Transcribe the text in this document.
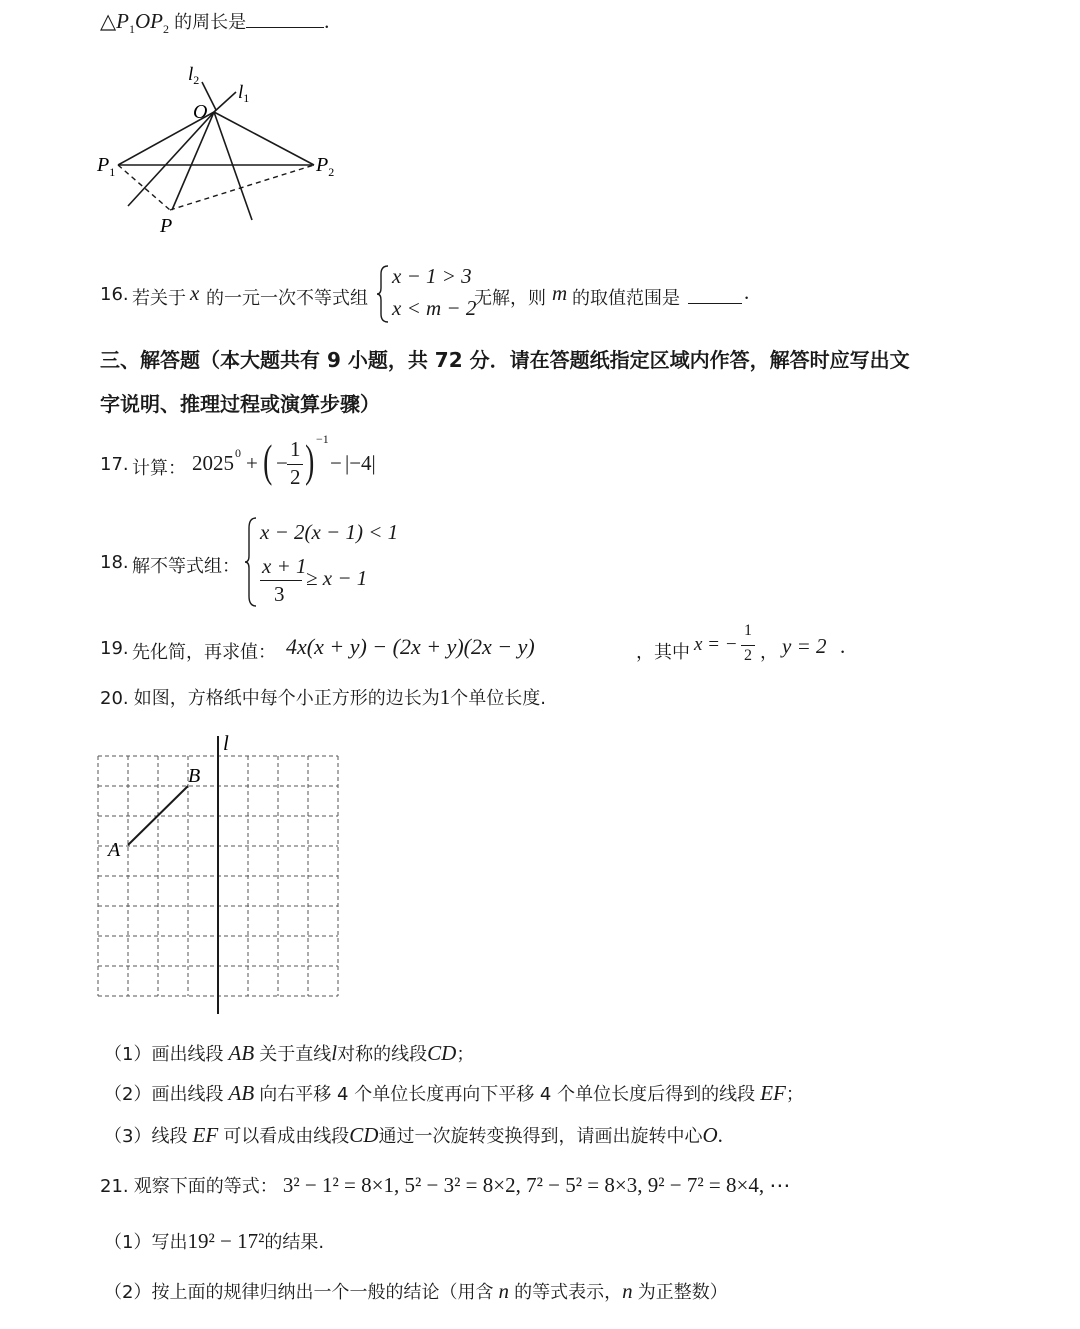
$\triangle P_1OP_2$ 的周长是	.
$l_2$
$l_1$
O
$P_1$	$P_2$
P
16. 若关于 x 的一元一次不等式组
x − 1 > 3
x < m − 2
无解，则 m 的取值范围是	.
三、解答题（本大题共有 9 小题，共 72 分．请在答题纸指定区域内作答，解答时应写出文
字说明、推理过程或演算步骤）
17. 计算： 2025 0 + ( −
1
2 ) −1
− |−4|
18. 解不等式组：
x − 2(x − 1) < 1
x + 1
3
≥ x − 1
19. 先化简，再求值： 4x(x + y) − (2x + y)(2x − y)	，其中 x = −
1
2 ， y = 2 .
20. 如图，方格纸中每个小正方形的边长为1个单位长度.
l
B
A
（1）画出线段 AB 关于直线l对称的线段CD；
（2）画出线段 AB 向右平移 4 个单位长度再向下平移 4 个单位长度后得到的线段 EF；
（3）线段 EF 可以看成由线段CD通过一次旋转变换得到，请画出旋转中心O.
21. 观察下面的等式： 3² − 1² = 8×1, 5² − 3² = 8×2, 7² − 5² = 8×3, 9² − 7² = 8×4, ⋯
（1）写出19² − 17²的结果.
（2）按上面的规律归纳出一个一般的结论（用含 n 的等式表示，n 为正整数）
